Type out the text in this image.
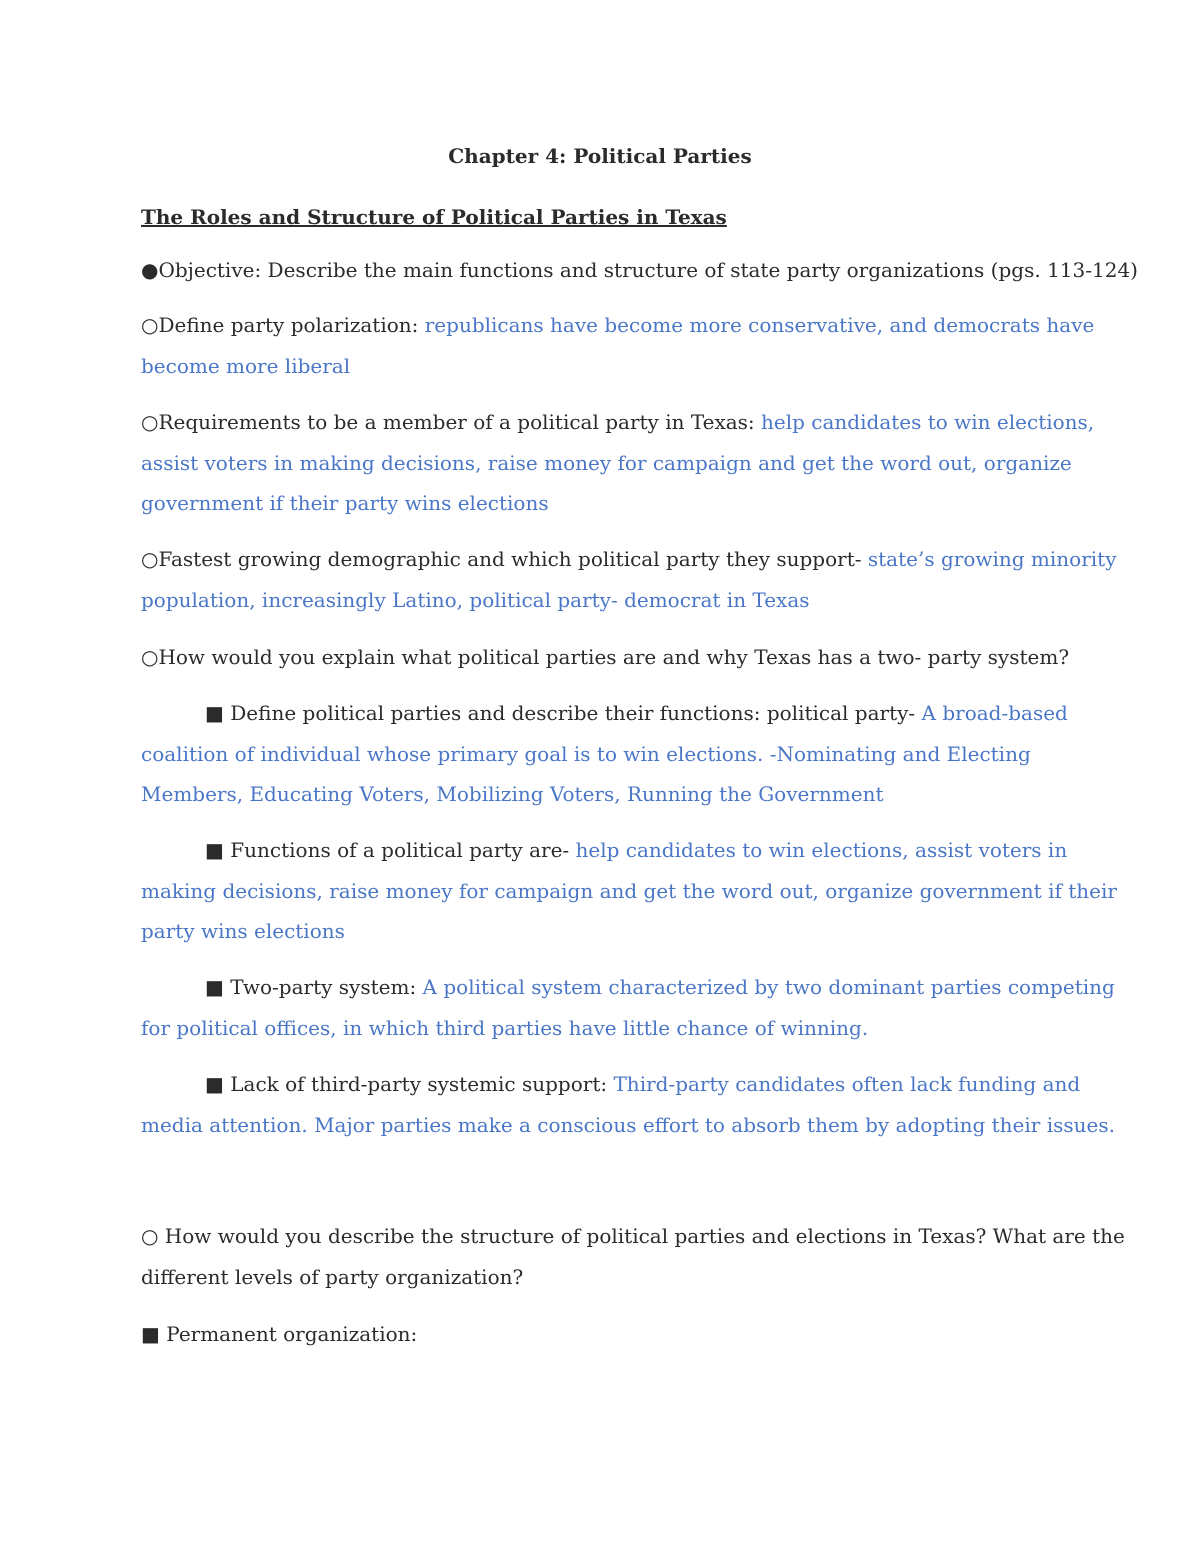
Chapter 4: Political Parties
The Roles and Structure of Political Parties in Texas
●Objective: Describe the main functions and structure of state party organizations (pgs. 113-124)
○Define party polarization: republicans have become more conservative, and democrats have
become more liberal
○Requirements to be a member of a political party in Texas: help candidates to win elections,
assist voters in making decisions, raise money for campaign and get the word out, organize
government if their party wins elections
○Fastest growing demographic and which political party they support- state’s growing minority
population, increasingly Latino, political party- democrat in Texas
○How would you explain what political parties are and why Texas has a two- party system?
■ Define political parties and describe their functions: political party- A broad-based
coalition of individual whose primary goal is to win elections. -Nominating and Electing
Members, Educating Voters, Mobilizing Voters, Running the Government
■ Functions of a political party are- help candidates to win elections, assist voters in
making decisions, raise money for campaign and get the word out, organize government if their
party wins elections
■ Two-party system: A political system characterized by two dominant parties competing
for political offices, in which third parties have little chance of winning.
■ Lack of third-party systemic support: Third-party candidates often lack funding and
media attention. Major parties make a conscious effort to absorb them by adopting their issues.
○ How would you describe the structure of political parties and elections in Texas? What are the
different levels of party organization?
■ Permanent organization:
